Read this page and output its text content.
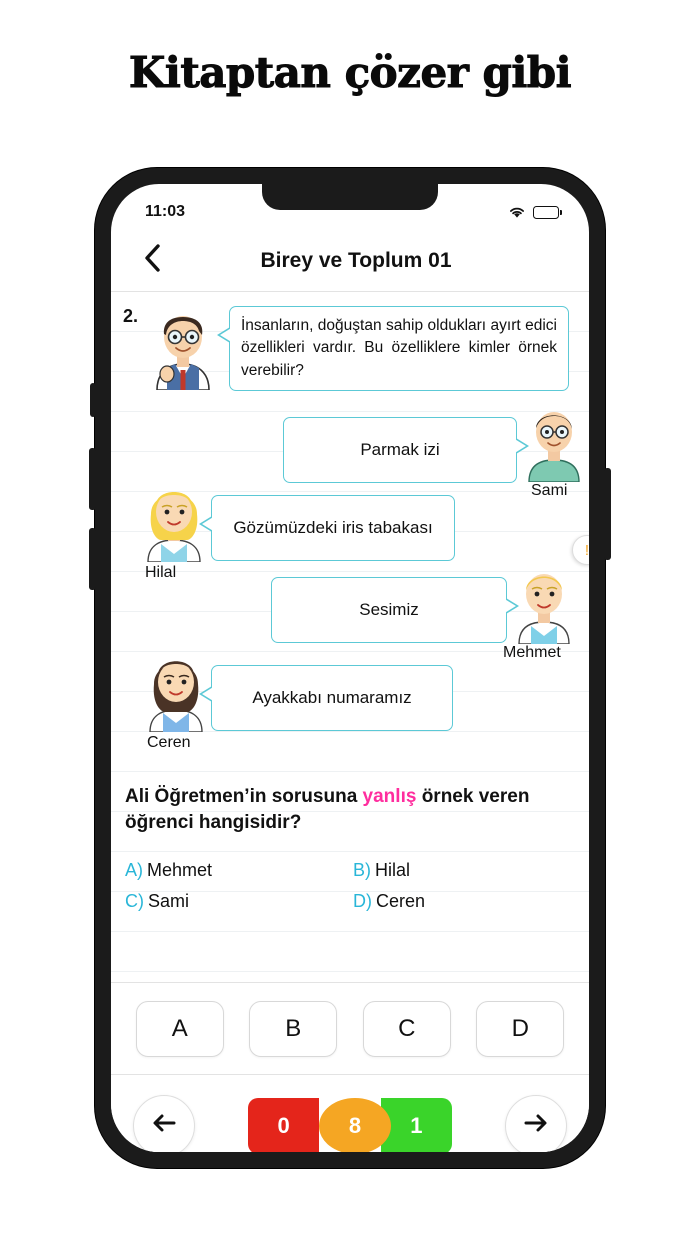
Kitaptan çözer gibi
11:03
Birey ve Toplum 01
2.	İnsanların, doğuştan sahip oldukları ayırt edici özellikleri vardır. Bu özelliklere kimler örnek verebilir?
Parmak izi
Sami
Hilal
Gözümüzdeki iris tabakası
Sesimiz
Mehmet
Ceren
Ayakkabı numaramız
!
Ali Öğretmen’in sorusuna yanlış örnek veren öğrenci hangisidir?
A) Mehmet	B) Hilal
C) Sami	D) Ceren
A	B	C	D
0	8	1
